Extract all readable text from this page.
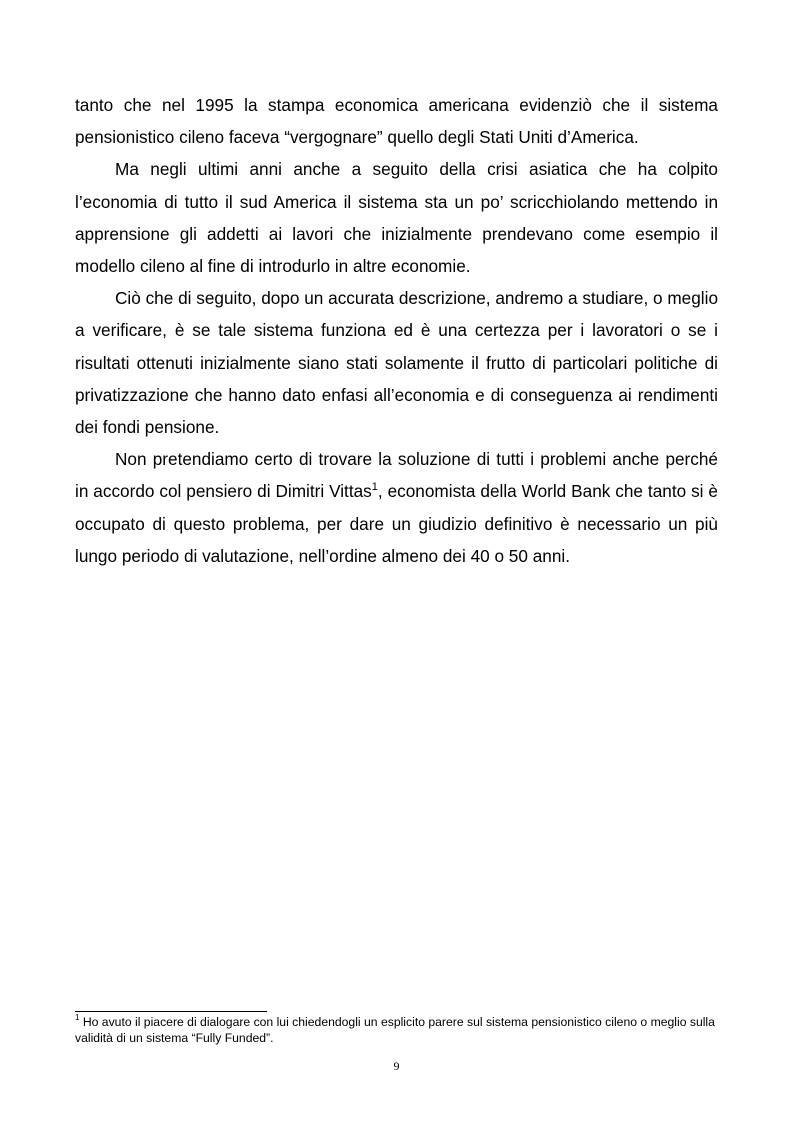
tanto che nel 1995 la stampa economica americana evidenziò che il sistema pensionistico cileno faceva “vergognare” quello degli Stati Uniti d’America.

Ma negli ultimi anni anche a seguito della crisi asiatica che ha colpito l’economia di tutto il sud America il sistema sta un po’ scricchiolando mettendo in apprensione gli addetti ai lavori che inizialmente prendevano come esempio il modello cileno al fine di introdurlo in altre economie.

Ciò che di seguito, dopo un accurata descrizione, andremo a studiare, o meglio a verificare, è se tale sistema funziona ed è una certezza per i lavoratori o se i risultati ottenuti inizialmente siano stati solamente il frutto di particolari politiche di privatizzazione che hanno dato enfasi all’economia e di conseguenza ai rendimenti dei fondi pensione.

Non pretendiamo certo di trovare la soluzione di tutti i problemi anche perché in accordo col pensiero di Dimitri Vittas$^1$, economista della World Bank che tanto si è occupato di questo problema, per dare un giudizio definitivo è necessario un più lungo periodo di valutazione, nell’ordine almeno dei 40 o 50 anni.

$^1$ Ho avuto il piacere di dialogare con lui chiedendogli un esplicito parere sul sistema pensionistico cileno o meglio sulla validità di un sistema “Fully Funded”.
9
